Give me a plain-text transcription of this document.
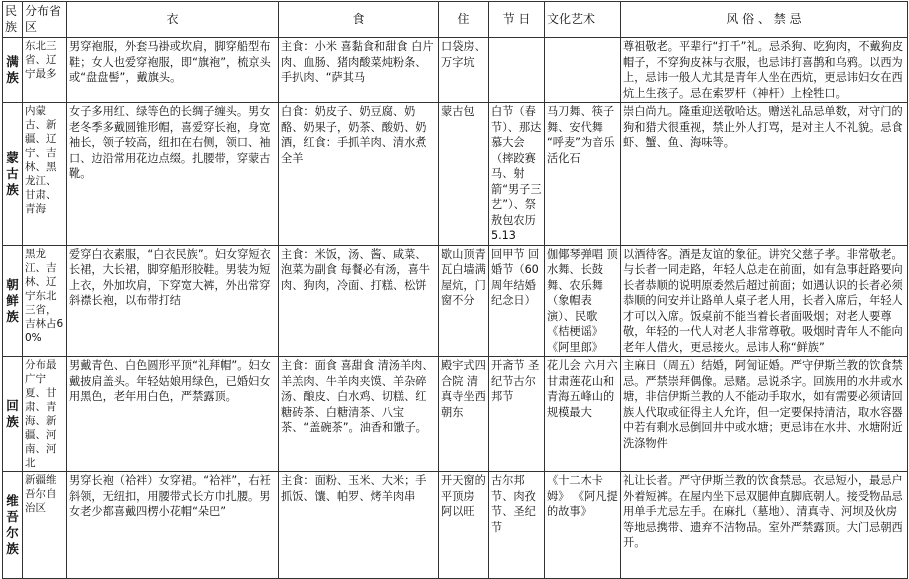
民族	分布省区	衣	食	住	节 日	文化艺术	风 俗 、 禁 忌
满族	东北三省、辽宁最多	男穿袍服，外套马褂或坎肩，脚穿船型布鞋；女人也爱穿袍服，即“旗袍”，梳京头或“盘盘髻”，戴旗头。	主食：小米 喜黏食和甜食 白片肉、血肠、猪肉酸菜炖粉条、手扒肉、“萨其马	口袋房、万字坑			尊祖敬老。平辈行“打千”礼。忌杀狗、吃狗肉，不戴狗皮帽子，不穿狗皮袜与衣服，也忌讳打喜鹊和乌鸦。以西为上，忌讳一般人尤其是青年人坐在西炕，更忌讳妇女在西炕上生孩子。忌在索罗杆（神杆）上栓牲口。
蒙古族	内蒙古、新疆、辽宁、吉林、黑龙江、甘肃、青海	女子多用红、绿等色的长绸子缠头。男女老冬季多戴圆锥形帽，喜爱穿长袍，身宽袖长，领子较高，纽扣在右侧，领口、袖口、边沿常用花边点缀。扎腰带，穿蒙古靴。	白食：奶皮子、奶豆腐、奶酪、奶果子，奶茶、酸奶、奶酒，红食：手抓羊肉、清水煮全羊	蒙古包	白节（春节）、那达慕大会（摔跤赛马、射箭“男子三艺”）、祭敖包农历5.13	马刀舞、筷子舞、安代舞 “呼麦”为音乐活化石	崇白尚九。隆重迎送敬哈达。赠送礼品忌单数，对守门的狗和猎犬很重视，禁止外人打骂，是对主人不礼貌。忌食虾、蟹、鱼、海味等。
朝鲜族	黑龙江、吉林、辽宁东北三省，吉林占60%	爱穿白衣素服，“白衣民族”。妇女穿短衣长裙，大长裙，脚穿船形胶鞋。男装为短上衣，外加坎肩，下穿宽大裤，外出常穿斜襟长袍，以布带打结	主食：米饭，汤、酱、咸菜、泡菜为副食 每餐必有汤，喜牛肉、狗肉，冷面、打糕、松饼	歇山顶青瓦白墙满屋炕，门窗不分	回甲节 回婚节（60周年结婚纪念日）	伽倻琴弹唱 顶水舞、长鼓舞、农乐舞（象帽表演）、民歌《桔梗谣》《阿里郎》	以酒待客。酒是友谊的象征。讲究父慈子孝。非常敬老。与长者一同走路，年轻人总走在前面，如有急事赶路要向长者恭顺的说明原委然后超过前面；如遇认识的长者必须恭顺的问安并让路单人桌子老人用，长者入席后，年轻人才可以入席。饭桌前不能当着长者面吸烟；对老人要尊敬，年轻的一代人对老人非常尊敬。吸烟时青年人不能向老年人借火，更忌接火。忌讳人称“鲜族”
回族	分布最广宁夏、甘肃、青海、新疆、河南、河北	男戴青色、白色圆形平顶“礼拜帽”。妇女戴披肩盖头。年轻姑娘用绿色，已婚妇女用黑色，老年用白色，严禁露顶。	主食：面食 喜甜食 清汤羊肉、羊羔肉、牛羊肉夹馍、羊杂碎汤、酿皮、白水鸡、切糕、红糖砖茶、白糖清茶、八宝茶、“盖碗茶”。油香和馓子。	殿宇式四合院 清真寺坐西朝东	开斋节 圣纪节古尔邦节	花儿会 六月六甘肃莲花山和青海五峰山的规模最大	主麻日（周五）结婚，阿訇证婚。严守伊斯兰教的饮食禁忌。严禁崇拜偶像。忌赌。忌说杀字。回族用的水井或水塘，非信伊斯兰教的人不能动手取水，如有需要必须请回族人代取或征得主人允许，但一定要保持清洁，取水容器中若有剩水忌倒回井中或水塘；更忌讳在水井、水塘附近洗涤物件
维吾尔族	新疆维吾尔自治区	男穿长袍（袷袢）女穿裙。“袷袢”，右衽斜领，无纽扣，用腰带式长方巾扎腰。男女老少都喜戴四楞小花帽“朵巴”	主食：面粉、玉米、大米；手抓饭、馕、帕罗、烤羊肉串	开天窗的平顶房 阿以旺	古尔邦节、肉孜节、圣纪节	《十二木卡姆》 《阿凡提的故事》	礼让长者。严守伊斯兰教的饮食禁忌。衣忌短小，最忌户外着短裤。在屋内坐下忌双腿伸直脚底朝人。接受物品忌用单手尤忌左手。在麻扎（墓地）、清真寺、河坝及伙房等地忌携带、遗弃不洁物品。室外严禁露顶。大门忌朝西开。
